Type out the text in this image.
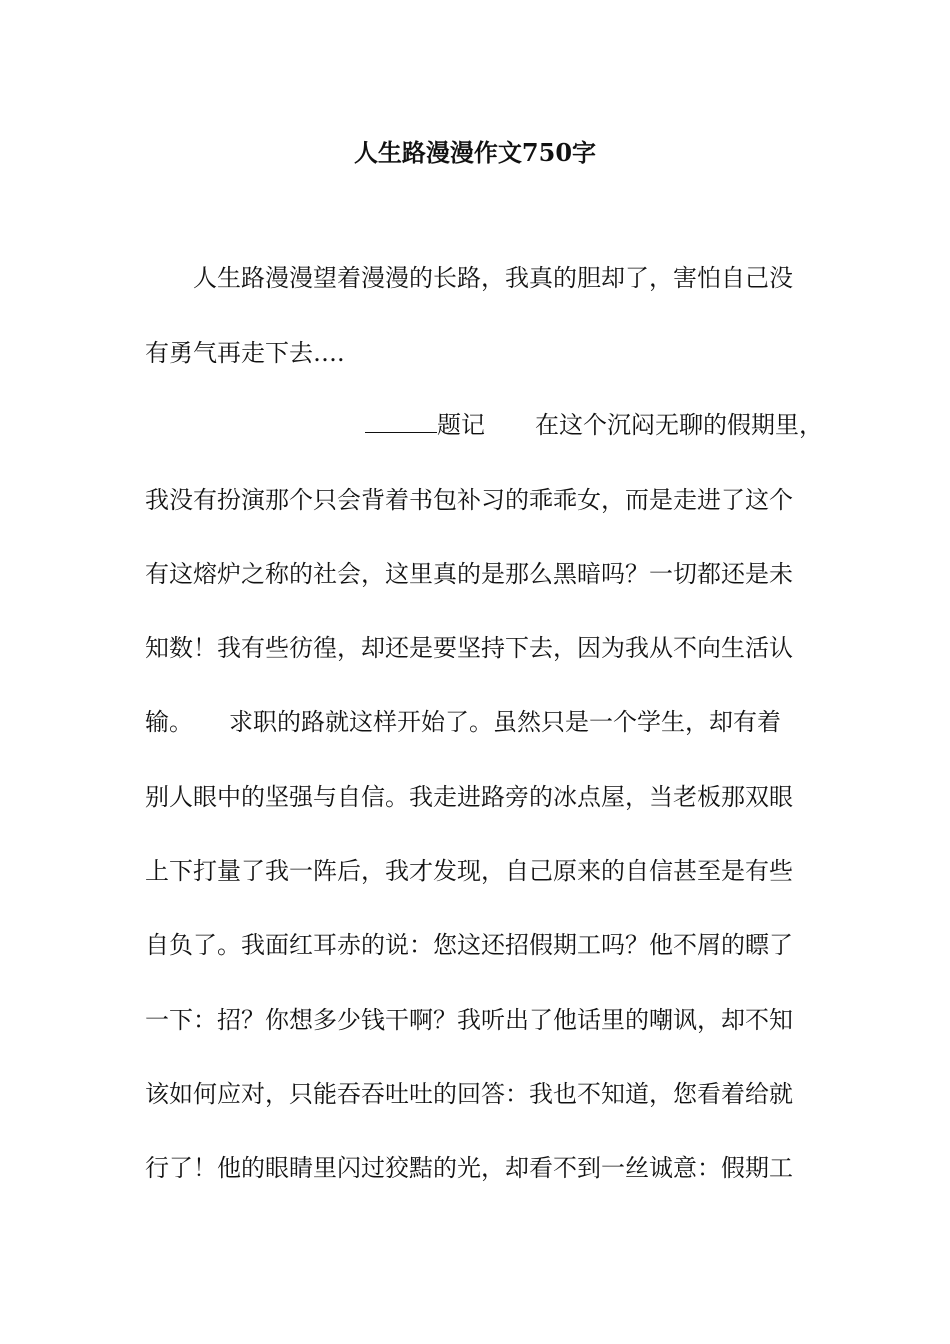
人生路漫漫作文750字
人生路漫漫望着漫漫的长路，我真的胆却了，害怕自己没
有勇气再走下去….
题记 在这个沉闷无聊的假期里，
我没有扮演那个只会背着书包补习的乖乖女，而是走进了这个
有这熔炉之称的社会，这里真的是那么黑暗吗？一切都还是未
知数！我有些彷徨，却还是要坚持下去，因为我从不向生活认
输。　　求职的路就这样开始了。虽然只是一个学生，却有着
别人眼中的坚强与自信。我走进路旁的冰点屋，当老板那双眼
上下打量了我一阵后，我才发现，自己原来的自信甚至是有些
自负了。我面红耳赤的说：您这还招假期工吗？他不屑的瞟了
一下：招？你想多少钱干啊？我听出了他话里的嘲讽，却不知
该如何应对，只能吞吞吐吐的回答：我也不知道，您看着给就
行了！他的眼睛里闪过狡黠的光，却看不到一丝诚意：假期工
